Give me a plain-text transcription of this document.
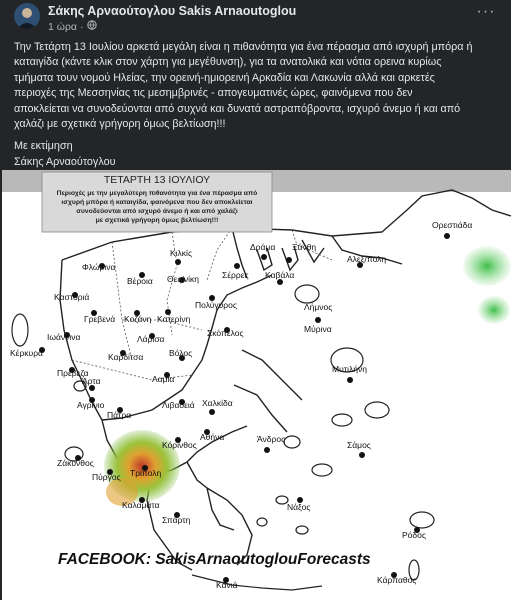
Σάκης Αρναούτογλου Sakis Arnaoutoglou
1 ώρα ·
···

Την Τετάρτη 13 Ιουλίου αρκετά μεγάλη είναι η πιθανότητα για ένα πέρασμα από ισχυρή μπόρα ή

καταιγίδα (κάντε κλικ στον χάρτη για μεγέθυνση), για τα ανατολικά και νότια ορεινα κυρίως

τμήματα τουν νομού Ηλείας, την ορεινή-ημιορεινή Αρκαδία και Λακωνία αλλά και αρκετές

περιοχές της Μεσσηνίας τις μεσημβρινές - απογευματινές ώρες, φαινόμενα που δεν

αποκλείεται να συνοδεύονται από συχνά και δυνατά αστραπόβροντα, ισχυρό άνεμο ή και από

χαλάζι με σχετικά γρήγορη όμως βελτίωση!!!

Με εκτίμηση

Σάκης Αρναούτογλου

Ορεστιάδα
Δράμα Ξάνθη
Κιλκίς
Σέρρες
Φλώρινα
Καβάλα
Αλεξ/πολη
Βέροια Θες/νίκη
Καστοριά
Πολύγυρος	Λήμνος
Γρεβενά Κοζάνη Κατερίνη
Ιωάννινα	Λάρισα
Μύρινα
Κέρκυρα	Καρδίτσα	Βόλος
Σκόπελος
Πρέβεζα
Άρτα	Λαμία
Μυτιλήνη
Αγρίνιο	Λιβαδειά Χαλκίδα
Πάτρα
Αθήνα
Ζάκυνθος
Κόρινθος
Άνδρος
Σάμος
Τρίπολη
Πύργος
Καλαμάτα	Νάξος
Σπάρτη
Ρόδος
Κανιά	Κάρπαθος
ΤΕΤΑΡΤΗ 13 ΙΟΥΛΙΟΥ
Περιοχές με την μεγαλύτερη πιθανότητα για ένα πέρασμα από
ισχυρή μπόρα ή καταιγίδα, φαινόμενα που δεν αποκλείεται
συνοδεύονται από ισχυρό άνεμο ή και από χαλάζι
με σχετικά γρήγορη όμως βελτίωση!!!
FACEBOOK: SakisArnaoutoglouForecasts
